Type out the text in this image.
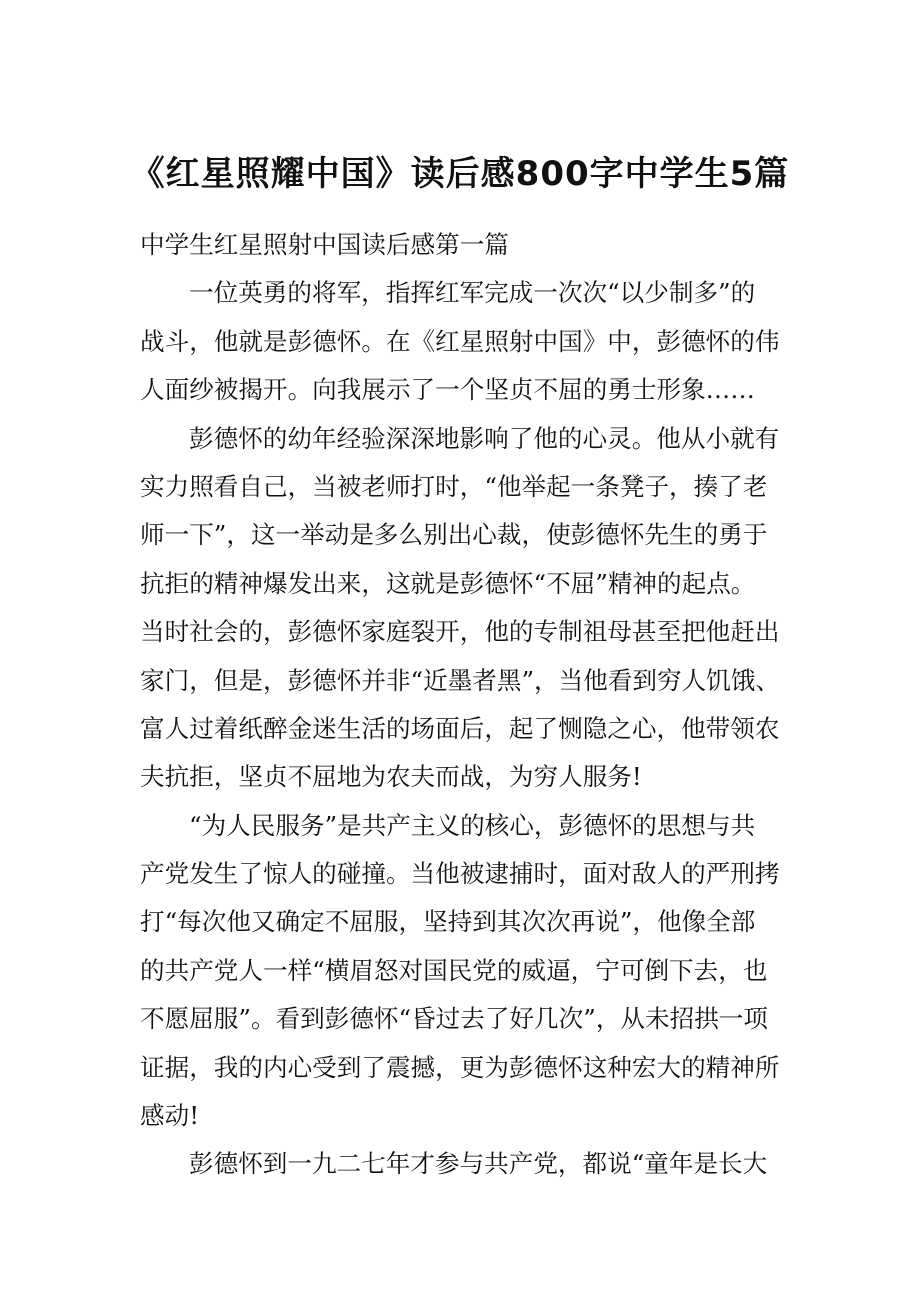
《红星照耀中国》读后感800字中学生5篇
中学生红星照射中国读后感第一篇
一位英勇的将军，指挥红军完成一次次“以少制多”的
战斗，他就是彭德怀。在《红星照射中国》中，彭德怀的伟
人面纱被揭开。向我展示了一个坚贞不屈的勇士形象……
彭德怀的幼年经验深深地影响了他的心灵。他从小就有
实力照看自己，当被老师打时，“他举起一条凳子，揍了老
师一下”，这一举动是多么别出心裁，使彭德怀先生的勇于
抗拒的精神爆发出来，这就是彭德怀“不屈”精神的起点。
当时社会的，彭德怀家庭裂开，他的专制祖母甚至把他赶出
家门，但是，彭德怀并非“近墨者黑”，当他看到穷人饥饿、
富人过着纸醉金迷生活的场面后，起了恻隐之心，他带领农
夫抗拒，坚贞不屈地为农夫而战，为穷人服务!
“为人民服务”是共产主义的核心，彭德怀的思想与共
产党发生了惊人的碰撞。当他被逮捕时，面对敌人的严刑拷
打“每次他又确定不屈服，坚持到其次次再说”，他像全部
的共产党人一样“横眉怒对国民党的威逼，宁可倒下去，也
不愿屈服”。看到彭德怀“昏过去了好几次”，从未招拱一项
证据，我的内心受到了震撼，更为彭德怀这种宏大的精神所
感动!
彭德怀到一九二七年才参与共产党，都说“童年是长大
